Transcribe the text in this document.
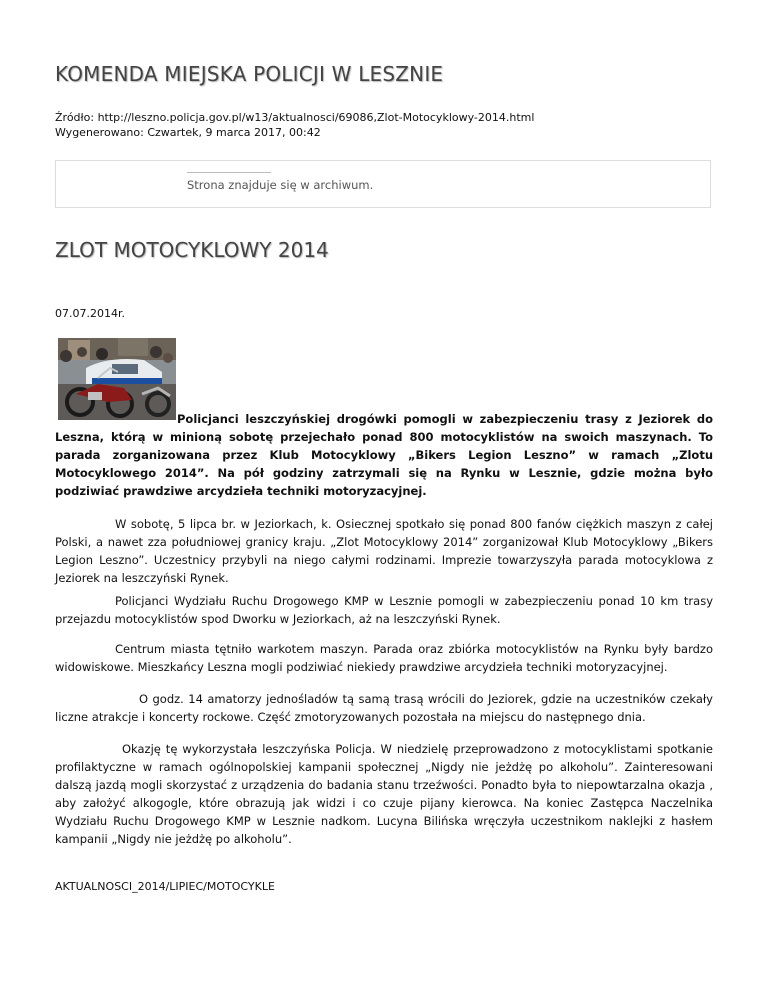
KOMENDA MIEJSKA POLICJI W LESZNIE
Źródło: http://leszno.policja.gov.pl/w13/aktualnosci/69086,Zlot-Motocyklowy-2014.html
Wygenerowano: Czwartek, 9 marca 2017, 00:42
Strona znajduje się w archiwum.
ZLOT MOTOCYKLOWY 2014
07.07.2014r.

Policjanci leszczyńskiej drogówki pomogli w zabezpieczeniu trasy z Jeziorek do Leszna, którą w minioną sobotę przejechało ponad 800 motocyklistów na swoich maszynach. To parada zorganizowana przez Klub Motocyklowy „Bikers Legion Leszno” w ramach „Zlotu Motocyklowego 2014”. Na pół godziny zatrzymali się na Rynku w Lesznie, gdzie można było podziwiać prawdziwe arcydzieła techniki motoryzacyjnej.

W sobotę, 5 lipca br. w Jeziorkach, k. Osiecznej spotkało się ponad 800 fanów ciężkich maszyn z całej Polski, a nawet zza południowej granicy kraju. „Zlot Motocyklowy 2014” zorganizował Klub Motocyklowy „Bikers Legion Leszno”. Uczestnicy przybyli na niego całymi rodzinami. Imprezie towarzyszyła parada motocyklowa z Jeziorek na leszczyński Rynek.

Policjanci Wydziału Ruchu Drogowego KMP w Lesznie pomogli w zabezpieczeniu ponad 10 km trasy przejazdu motocyklistów spod Dworku w Jeziorkach, aż na leszczyński Rynek.

Centrum miasta tętniło warkotem maszyn. Parada oraz zbiórka motocyklistów na Rynku były bardzo widowiskowe. Mieszkańcy Leszna mogli podziwiać niekiedy prawdziwe arcydzieła techniki motoryzacyjnej.

O godz. 14 amatorzy jednośladów tą samą trasą wrócili do Jeziorek, gdzie na uczestników czekały liczne atrakcje i koncerty rockowe. Część zmotoryzowanych pozostała na miejscu do następnego dnia.

Okazję tę wykorzystała leszczyńska Policja. W niedzielę przeprowadzono z motocyklistami spotkanie profilaktyczne w ramach ogólnopolskiej kampanii społecznej „Nigdy nie jeżdżę po alkoholu”. Zainteresowani dalszą jazdą mogli skorzystać z urządzenia do badania stanu trzeźwości. Ponadto była to niepowtarzalna okazja , aby założyć alkogogle, które obrazują jak widzi i co czuje pijany kierowca. Na koniec Zastępca Naczelnika Wydziału Ruchu Drogowego KMP w Lesznie nadkom. Lucyna Bilińska wręczyła uczestnikom naklejki z hasłem kampanii „Nigdy nie jeżdżę po alkoholu”.

AKTUALNOSCI_2014/LIPIEC/MOTOCYKLE
